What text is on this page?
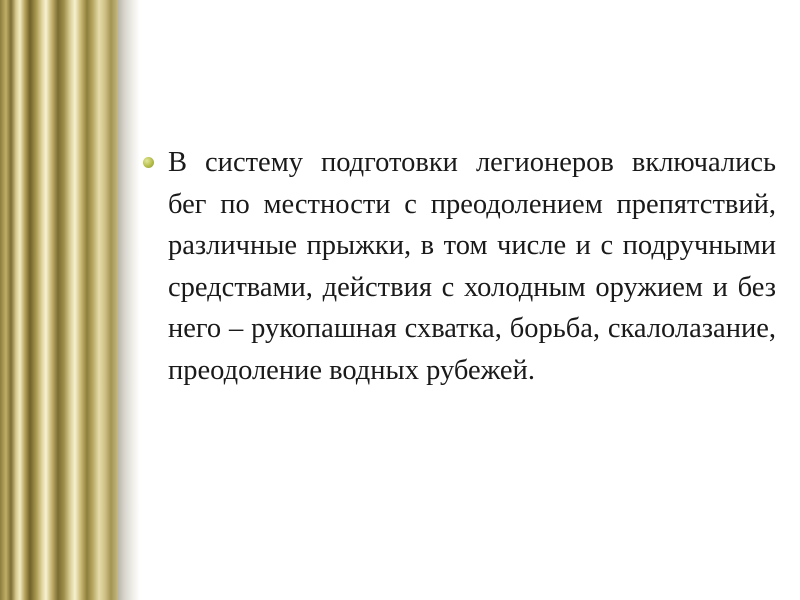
В систему подготовки легионеров включались бег по местности с преодолением препятствий, различные прыжки, в том числе и с подручными средствами, действия с холодным оружием и без него – рукопашная схватка, борьба, скалолазание, преодоление водных рубежей.
